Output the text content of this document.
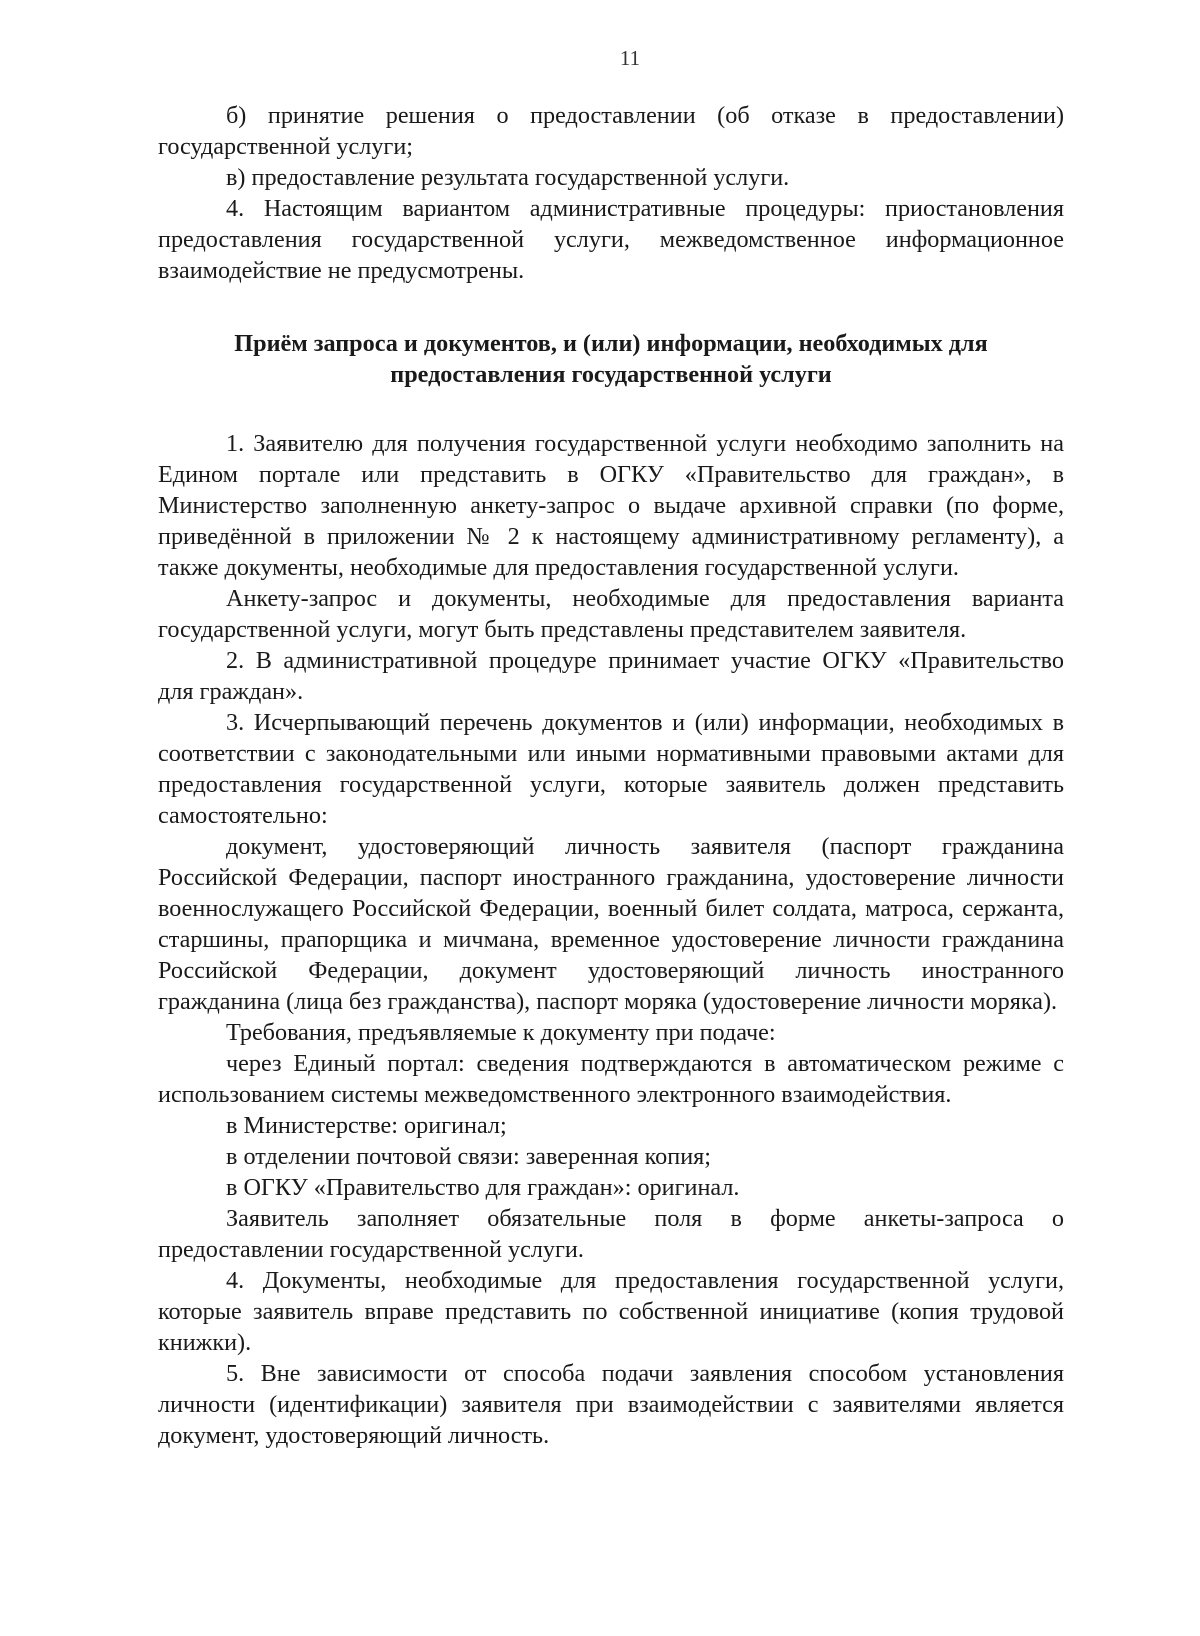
11

б) принятие решения о предоставлении (об отказе в предоставлении) государственной услуги;

в) предоставление результата государственной услуги.

4. Настоящим вариантом административные процедуры: приостановления предоставления государственной услуги, межведомственное информационное взаимодействие не предусмотрены.

Приём запроса и документов, и (или) информации, необходимых для предоставления государственной услуги

1. Заявителю для получения государственной услуги необходимо заполнить на Едином портале или представить в ОГКУ «Правительство для граждан», в Министерство заполненную анкету-запрос о выдаче архивной справки (по форме, приведённой в приложении № 2 к настоящему административному регламенту), а также документы, необходимые для предоставления государственной услуги.

Анкету-запрос и документы, необходимые для предоставления варианта государственной услуги, могут быть представлены представителем заявителя.

2. В административной процедуре принимает участие ОГКУ «Правительство для граждан».

3. Исчерпывающий перечень документов и (или) информации, необходимых в соответствии с законодательными или иными нормативными правовыми актами для предоставления государственной услуги, которые заявитель должен представить самостоятельно:

документ, удостоверяющий личность заявителя (паспорт гражданина Российской Федерации, паспорт иностранного гражданина, удостоверение личности военнослужащего Российской Федерации, военный билет солдата, матроса, сержанта, старшины, прапорщика и мичмана, временное удостоверение личности гражданина Российской Федерации, документ удостоверяющий личность иностранного гражданина (лица без гражданства), паспорт моряка (удостоверение личности моряка).

Требования, предъявляемые к документу при подаче:

через Единый портал: сведения подтверждаются в автоматическом режиме с использованием системы межведомственного электронного взаимодействия.

в Министерстве: оригинал;

в отделении почтовой связи: заверенная копия;

в ОГКУ «Правительство для граждан»: оригинал.

Заявитель заполняет обязательные поля в форме анкеты-запроса о предоставлении государственной услуги.

4. Документы, необходимые для предоставления государственной услуги, которые заявитель вправе представить по собственной инициативе (копия трудовой книжки).

5. Вне зависимости от способа подачи заявления способом установления личности (идентификации) заявителя при взаимодействии с заявителями является документ, удостоверяющий личность.
